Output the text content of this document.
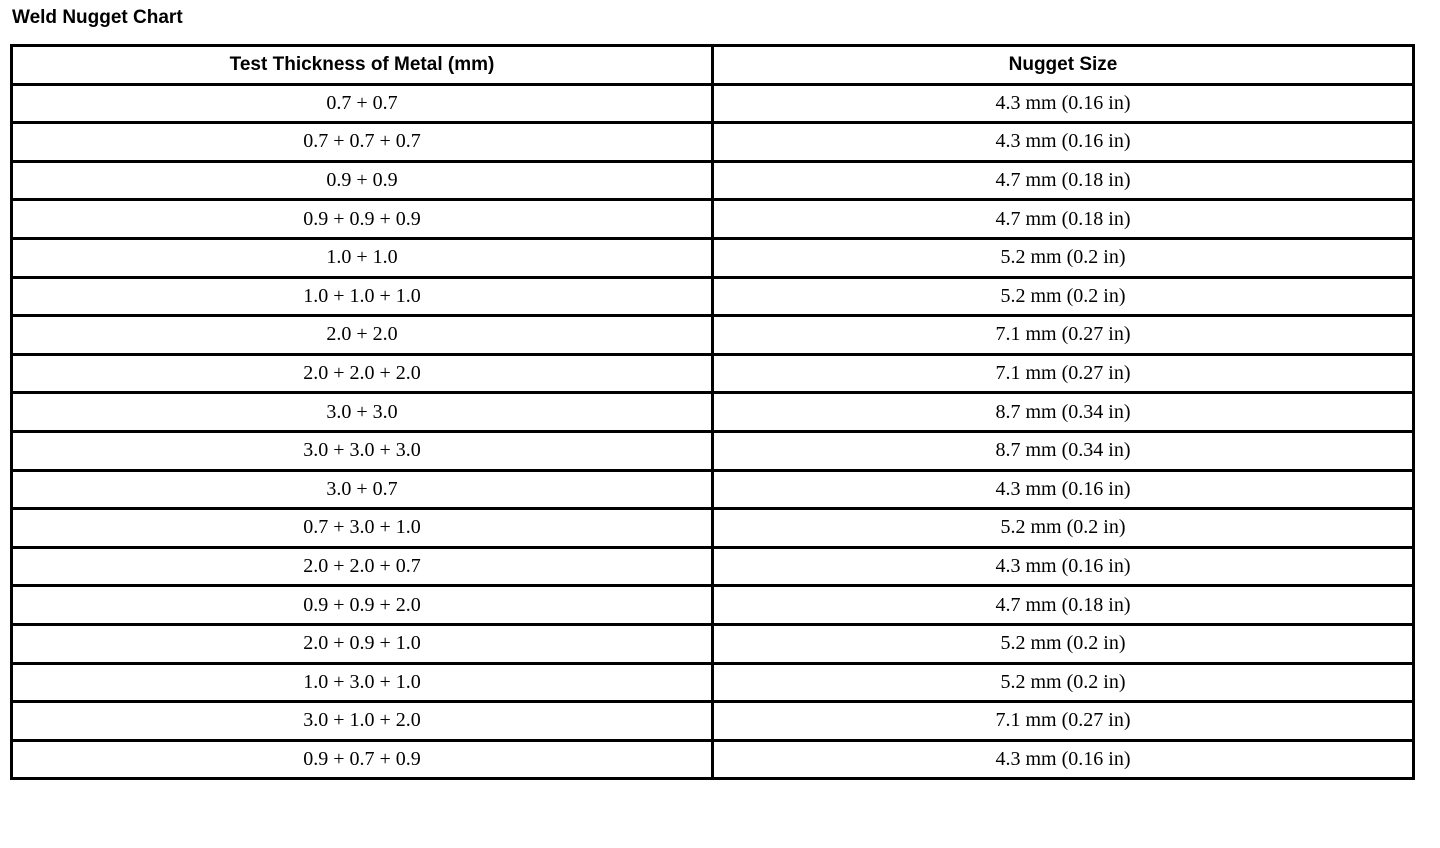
Weld Nugget Chart
Test Thickness of Metal (mm)	Nugget Size
0.7 + 0.7	4.3 mm (0.16 in)
0.7 + 0.7 + 0.7	4.3 mm (0.16 in)
0.9 + 0.9	4.7 mm (0.18 in)
0.9 + 0.9 + 0.9	4.7 mm (0.18 in)
1.0 + 1.0	5.2 mm (0.2 in)
1.0 + 1.0 + 1.0	5.2 mm (0.2 in)
2.0 + 2.0	7.1 mm (0.27 in)
2.0 + 2.0 + 2.0	7.1 mm (0.27 in)
3.0 + 3.0	8.7 mm (0.34 in)
3.0 + 3.0 + 3.0	8.7 mm (0.34 in)
3.0 + 0.7	4.3 mm (0.16 in)
0.7 + 3.0 + 1.0	5.2 mm (0.2 in)
2.0 + 2.0 + 0.7	4.3 mm (0.16 in)
0.9 + 0.9 + 2.0	4.7 mm (0.18 in)
2.0 + 0.9 + 1.0	5.2 mm (0.2 in)
1.0 + 3.0 + 1.0	5.2 mm (0.2 in)
3.0 + 1.0 + 2.0	7.1 mm (0.27 in)
0.9 + 0.7 + 0.9	4.3 mm (0.16 in)
